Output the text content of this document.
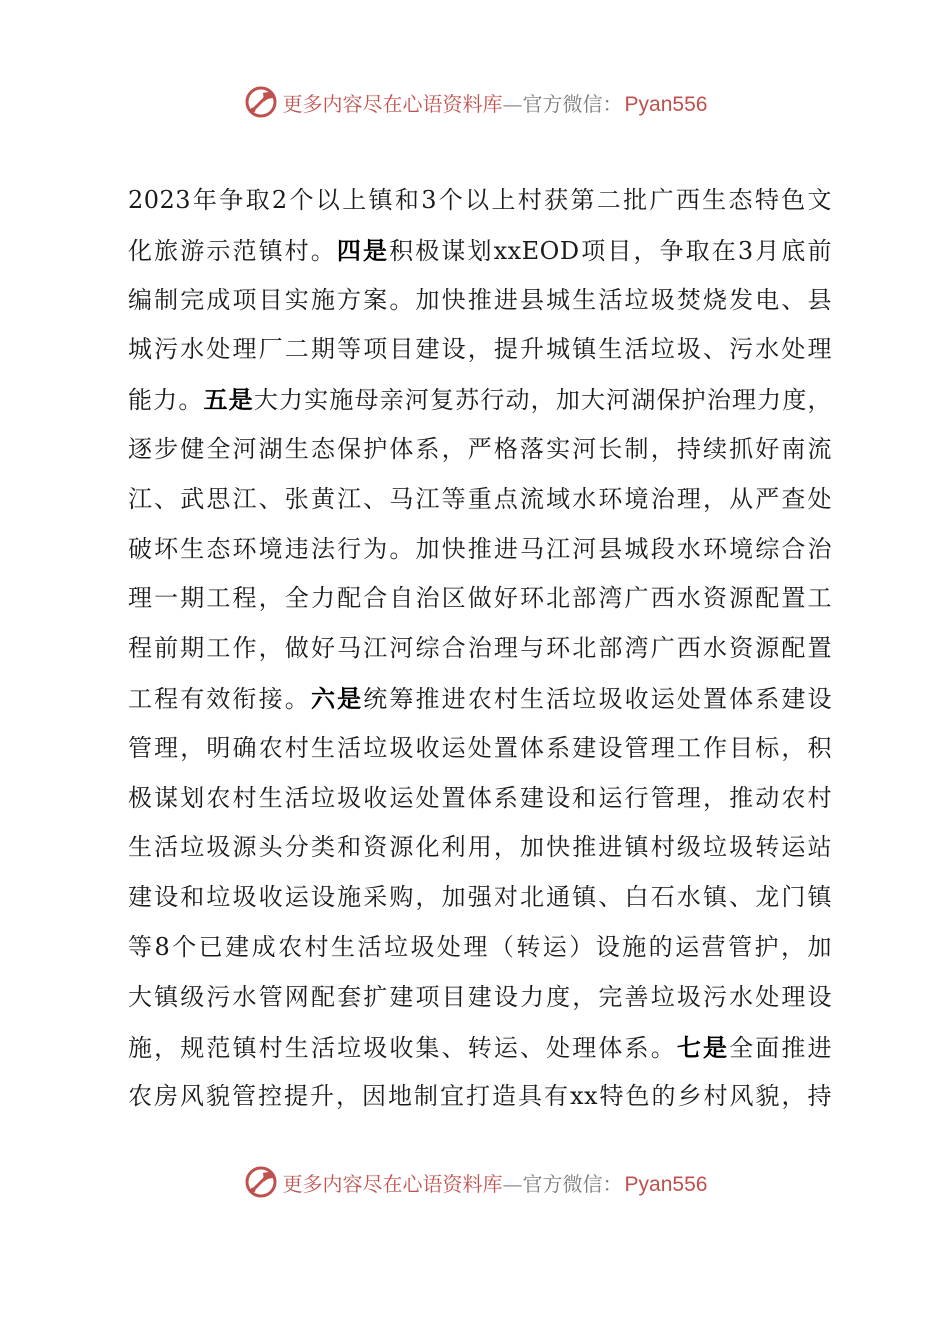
更多内容尽在心语资料库—官方微信：Pyan556
2023年争取2个以上镇和3个以上村获第二批广西生态特色文
化旅游示范镇村。四是积极谋划xxEOD项目，争取在3月底前
编制完成项目实施方案。加快推进县城生活垃圾焚烧发电、县
城污水处理厂二期等项目建设，提升城镇生活垃圾、污水处理
能力。五是大力实施母亲河复苏行动，加大河湖保护治理力度，
逐步健全河湖生态保护体系，严格落实河长制，持续抓好南流
江、武思江、张黄江、马江等重点流域水环境治理，从严查处
破坏生态环境违法行为。加快推进马江河县城段水环境综合治
理一期工程，全力配合自治区做好环北部湾广西水资源配置工
程前期工作，做好马江河综合治理与环北部湾广西水资源配置
工程有效衔接。六是统筹推进农村生活垃圾收运处置体系建设
管理，明确农村生活垃圾收运处置体系建设管理工作目标，积
极谋划农村生活垃圾收运处置体系建设和运行管理，推动农村
生活垃圾源头分类和资源化利用，加快推进镇村级垃圾转运站
建设和垃圾收运设施采购，加强对北通镇、白石水镇、龙门镇
等8个已建成农村生活垃圾处理（转运）设施的运营管护，加
大镇级污水管网配套扩建项目建设力度，完善垃圾污水处理设
施，规范镇村生活垃圾收集、转运、处理体系。七是全面推进
农房风貌管控提升，因地制宜打造具有xx特色的乡村风貌，持
更多内容尽在心语资料库—官方微信：Pyan556
